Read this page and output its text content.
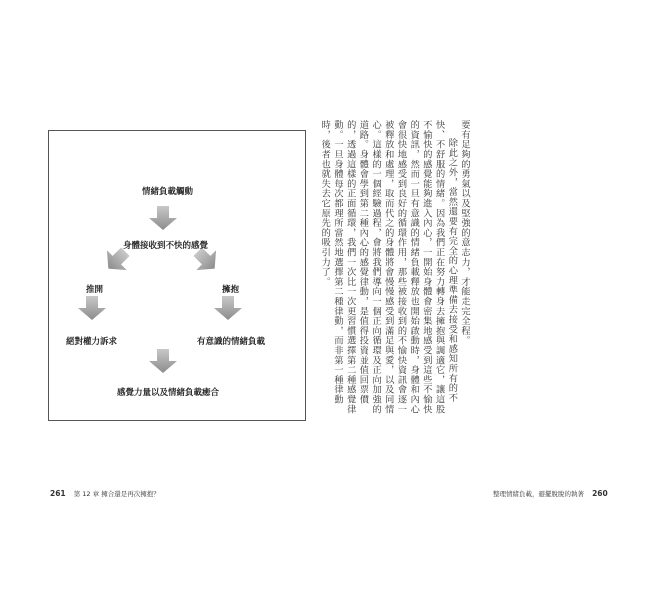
情緒負載觸動
身體接收到不快的感覺
推開	擁抱
絕對權力訴求	有意識的情緒負載
感覺力量以及情緒負載癒合

要有足夠的勇氣以及堅強的意志力，才能走完全程。

除此之外，當然還要有完全的心理準備去接受和感知所有的不快、不舒服的情緒。因為我們正在努力轉身去擁抱與調適它，讓這股不愉快的感覺能夠進入內心，一開始身體會密集地感受到這些不愉快的資訊，然而一旦有意識的情緒負載釋放也開始啟動時，身體和內心會很快地感受到良好的循環作用，那些被接收到的不愉快資訊會逐一被釋放和處理，取而代之的身體將會慢慢感受到滿足與愛，以及同情心。這樣的一個經驗過程，會將我們導向一個正向循環及正向加強的道路。身體會學到第二種內心的感覺律動，是值得投資並值回票價的，透過這樣的正面循環，我們一次比一次更習慣選擇第二種感覺律動。一旦身體每次都理所當然地選擇第二種律動，而非第一種律動時，後者也就失去它原先的吸引力了。

261 第 12 章 擁合還是再次擁抱？	整理情緒負載，避擺脫脫的執著 260
